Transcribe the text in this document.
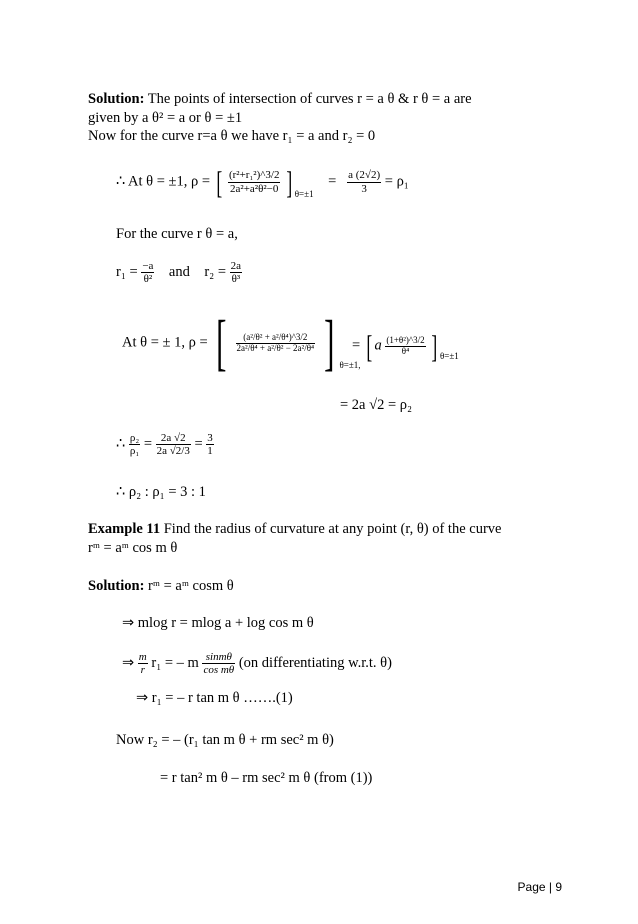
Solution: The points of intersection of curves r = a θ & r θ = a are
given by a θ² = a or θ = ±1
Now for the curve r=a θ we have r₁ = a and r₂ = 0
∴ At θ = ±1, ρ = [ $\frac{\text{(r²+r₁²)\textasciicircum{}3/2}}{\text{2a²+a²θ²−0}}$ ] $_{\theta=\pm 1}$    = $\frac{a (2√2)}{3} = \rho_1$
For the curve r θ = a,
$r_1 = \frac{-a}{\text{θ²}}$ and $r_2 = \frac{2a}{\text{θ³}}$
At θ = ± 1, ρ = [ $\frac{\text{(a²/θ² + a²/θ⁴)\textasciicircum{}3/2}}{\text{2a²/θ⁴ + a²/θ² − 2a²/θ⁴}}$ ] $_{\theta=\pm 1,}$
= [ a $\frac{\text{(1+θ²)\textasciicircum{}3/2}}{\text{θ⁴}}$ ] $_{\theta=\pm 1}$
= 2a √2 = ρ₂
∴ $\frac{\text{ρ₂}}{\text{ρ₁}} = \frac{2a √2}{2a √2/3} = \frac{3}{1}$
∴ ρ₂ : ρ₁ = 3 : 1
Example 11 Find the radius of curvature at any point (r, θ) of the curve
rᵐ = aᵐ cos m θ
Solution: rᵐ = aᵐ cosm θ
⇒ mlog r = mlog a + log cos m θ
⇒ $\frac{m}{r} r_1$ = – m $\frac{\sin m\theta}{\text{cos mθ}} (on$ differentiating w.r.t. θ)
⇒ r₁ = – r tan m θ …….(1)
Now r₂ = – (r₁ tan m θ + rm sec² m θ)
= r tan² m θ – rm sec² m θ (from (1))
Page | 9
